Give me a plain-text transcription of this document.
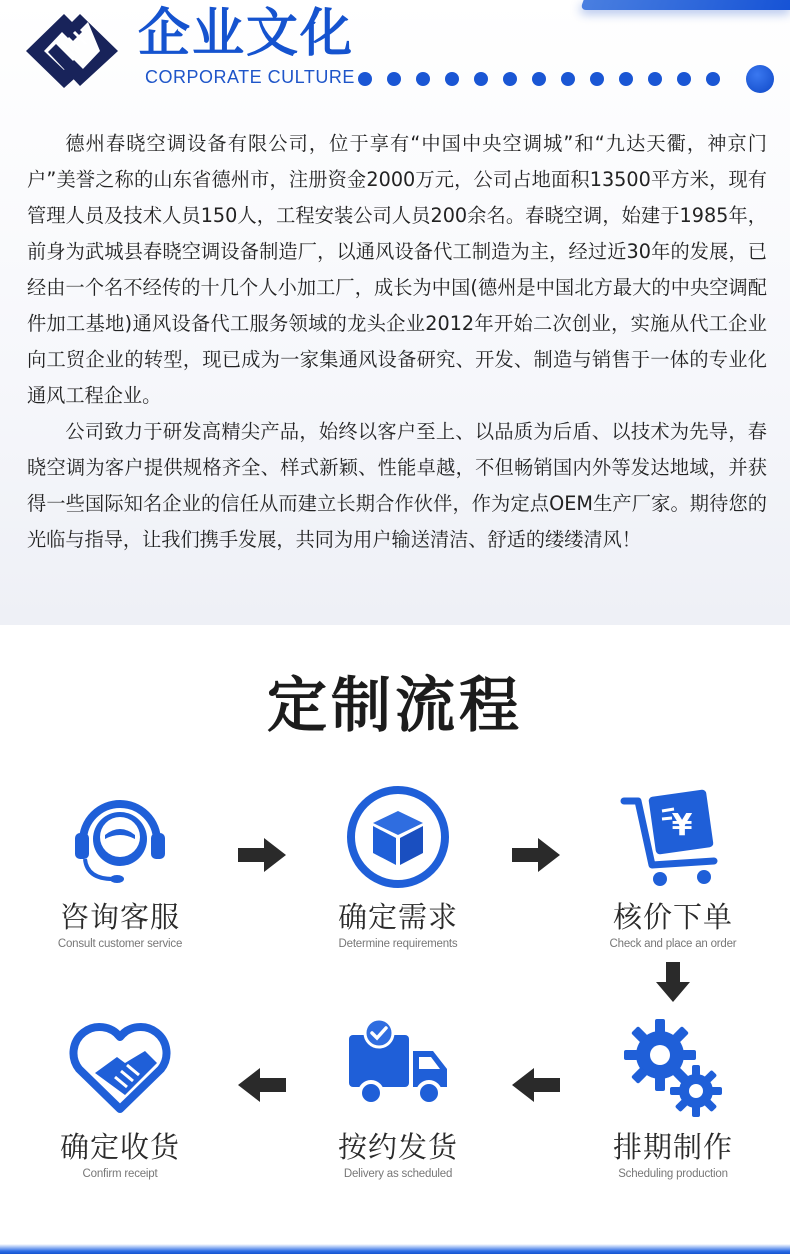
企业文化
CORPORATE CULTURE

德州春晓空调设备有限公司，位于享有“中国中央空调城”和“九达天衢，神京门户”美誉之称的山东省德州市，注册资金2000万元，公司占地面积13500平方米，现有管理人员及技术人员150人，工程安装公司人员200余名。春晓空调，始建于1985年，前身为武城县春晓空调设备制造厂，以通风设备代工制造为主，经过近30年的发展，已经由一个名不经传的十几个人小加工厂，成长为中国(德州是中国北方最大的中央空调配件加工基地)通风设备代工服务领域的龙头企业2012年开始二次创业，实施从代工企业向工贸企业的转型，现已成为一家集通风设备研究、开发、制造与销售于一体的专业化通风工程企业。

公司致力于研发高精尖产品，始终以客户至上、以品质为后盾、以技术为先导，春晓空调为客户提供规格齐全、样式新颖、性能卓越，不但畅销国内外等发达地域，并获得一些国际知名企业的信任从而建立长期合作伙伴，作为定点OEM生产厂家。期待您的光临与指导，让我们携手发展，共同为用户输送清洁、舒适的缕缕清风！

定制流程
咨询客服
Consult customer service
确定需求
Determine requirements
¥
核价下单
Check and place an order
确定收货
Confirm receipt
按约发货
Delivery as scheduled
排期制作
Scheduling production
